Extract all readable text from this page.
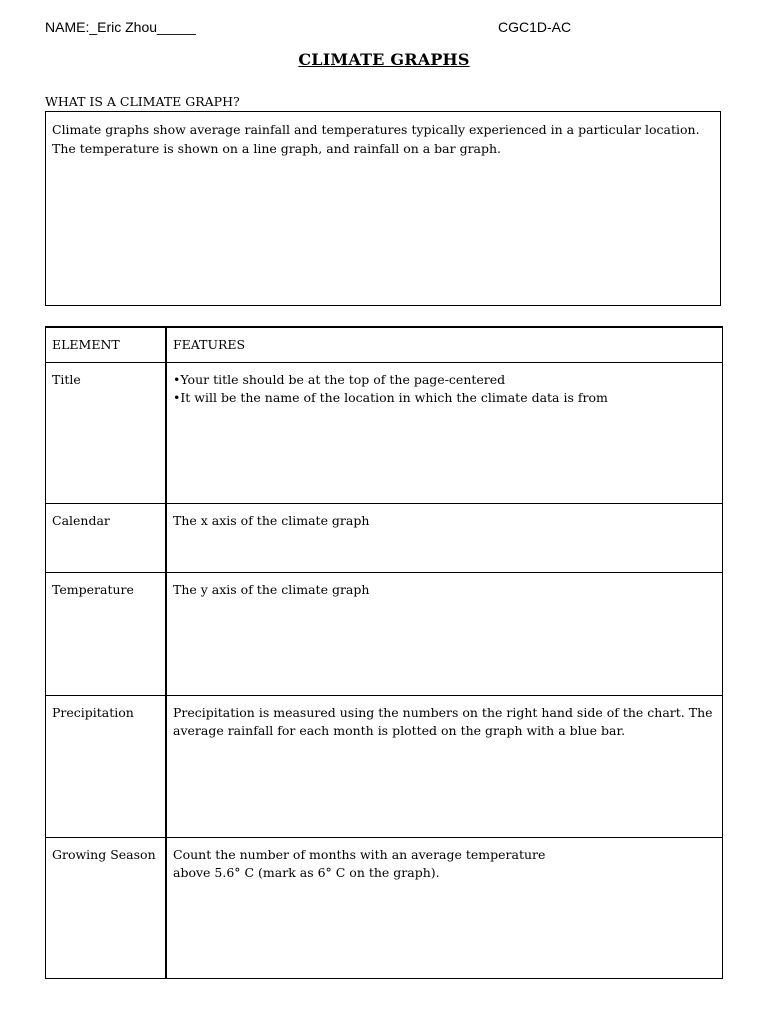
NAME:_Eric Zhou_____	CGC1D-AC
CLIMATE GRAPHS
WHAT IS A CLIMATE GRAPH?

Climate graphs show average rainfall and temperatures typically experienced in a particular location.

The temperature is shown on a line graph, and rainfall on a bar graph.

ELEMENT	FEATURES
Title	•Your title should be at the top of the page-centered
•It will be the name of the location in which the climate data is from

Calendar	The x axis of the climate graph

Temperature	The y axis of the climate graph

Precipitation	Precipitation is measured using the numbers on the right hand side of the chart. The average rainfall for each month is plotted on the graph with a blue bar.

Growing Season	Count the number of months with an average temperature
above 5.6° C (mark as 6° C on the graph).
